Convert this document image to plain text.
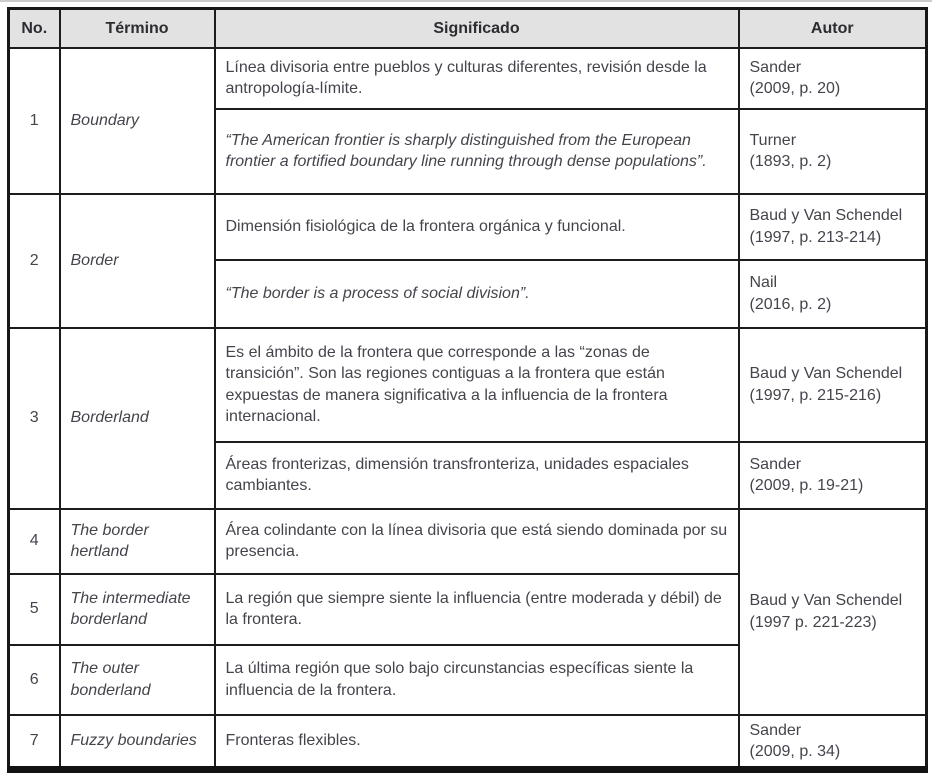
No.	Término	Significado	Autor
1	Boundary	Línea divisoria entre pueblos y culturas diferentes, revisión desde la antropología-límite.	Sander
(2009, p. 20)

		“The American frontier is sharply distinguished from the European frontier a fortified boundary line running through dense populations”.	Turner
(1893, p. 2)

2	Border	Dimensión fisiológica de la frontera orgánica y funcional.	Baud y Van Schendel
(1997, p. 213-214)

		“The border is a process of social division”.	Nail
(2016, p. 2)

3	Borderland	Es el ámbito de la frontera que corresponde a las “zonas de transición”. Son las regiones contiguas a la frontera que están expuestas de manera significativa a la influencia de la frontera internacional.	Baud y Van Schendel
(1997, p. 215-216)

		Áreas fronterizas, dimensión transfronteriza, unidades espaciales cambiantes.	Sander
(2009, p. 19-21)

4	The border hertland	Área colindante con la línea divisoria que está siendo dominada por su presencia.	Baud y Van Schendel
(1997 p. 221-223)

5	The intermediate borderland	La región que siempre siente la influencia (entre moderada y débil) de la frontera.	
6	The outer bonderland	La última región que solo bajo circunstancias específicas siente la influencia de la frontera.	
7	Fuzzy boundaries	Fronteras flexibles.	Sander
(2009, p. 34)
